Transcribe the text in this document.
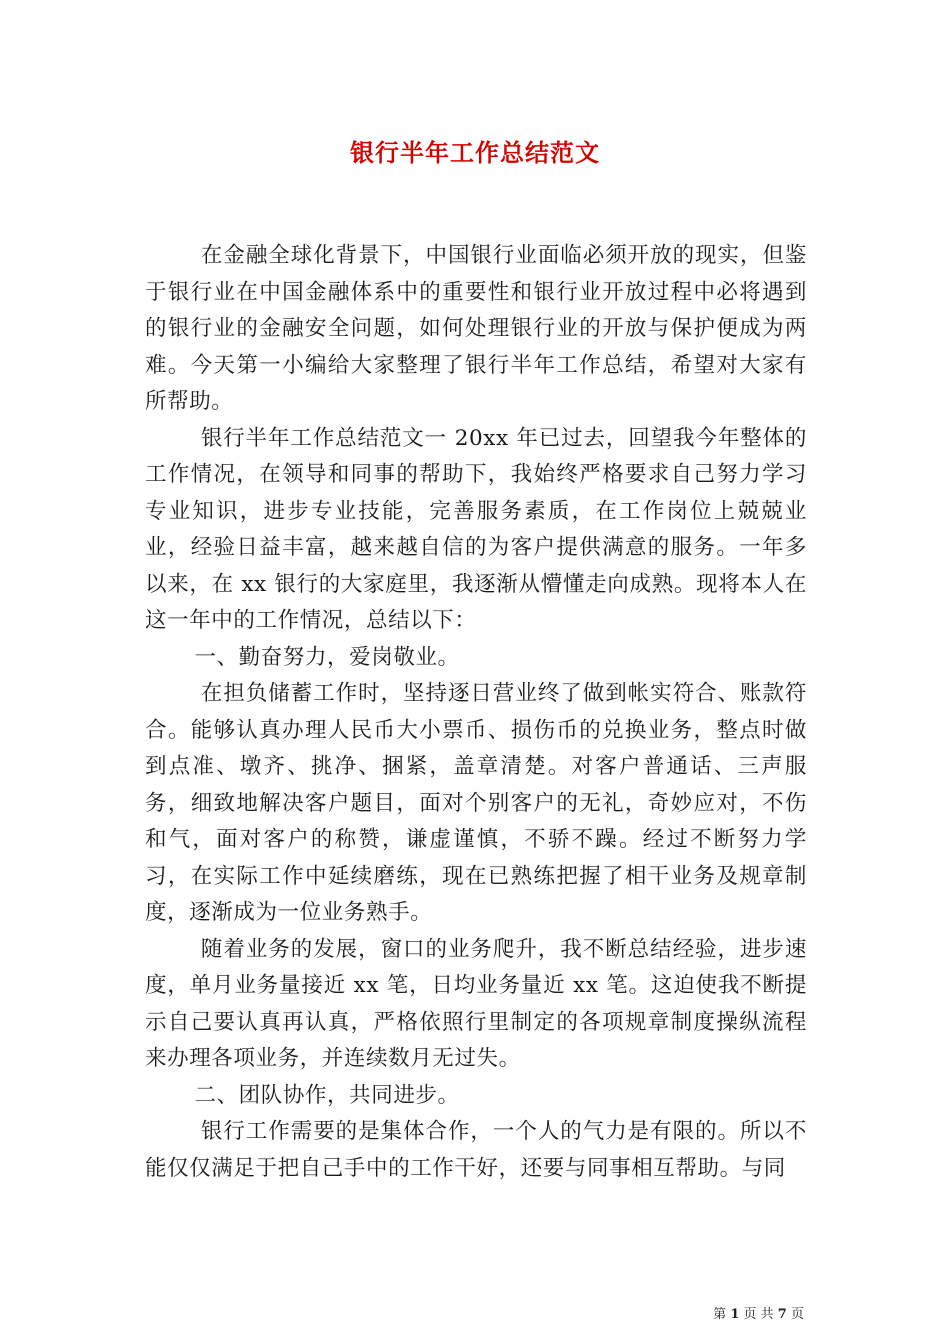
银行半年工作总结范文

在金融全球化背景下，中国银行业面临必须开放的现实，但鉴于银行业在中国金融体系中的重要性和银行业开放过程中必将遇到的银行业的金融安全问题，如何处理银行业的开放与保护便成为两难。今天第一小编给大家整理了银行半年工作总结，希望对大家有所帮助。

银行半年工作总结范文一 20xx 年已过去，回望我今年整体的工作情况，在领导和同事的帮助下，我始终严格要求自己努力学习专业知识，进步专业技能，完善服务素质，在工作岗位上兢兢业业，经验日益丰富，越来越自信的为客户提供满意的服务。一年多以来，在 xx 银行的大家庭里，我逐渐从懵懂走向成熟。现将本人在这一年中的工作情况，总结以下：

一、勤奋努力，爱岗敬业。

在担负储蓄工作时，坚持逐日营业终了做到帐实符合、账款符合。能够认真办理人民币大小票币、损伤币的兑换业务，整点时做到点准、墩齐、挑净、捆紧，盖章清楚。对客户普通话、三声服务，细致地解决客户题目，面对个别客户的无礼，奇妙应对，不伤和气，面对客户的称赞，谦虚谨慎，不骄不躁。经过不断努力学习，在实际工作中延续磨练，现在已熟练把握了相干业务及规章制度，逐渐成为一位业务熟手。

随着业务的发展，窗口的业务爬升，我不断总结经验，进步速度，单月业务量接近 xx 笔，日均业务量近 xx 笔。这迫使我不断提示自己要认真再认真，严格依照行里制定的各项规章制度操纵流程来办理各项业务，并连续数月无过失。

二、团队协作，共同进步。

银行工作需要的是集体合作，一个人的气力是有限的。所以不能仅仅满足于把自己手中的工作干好，还要与同事相互帮助。与同

第 1 页 共 7 页
